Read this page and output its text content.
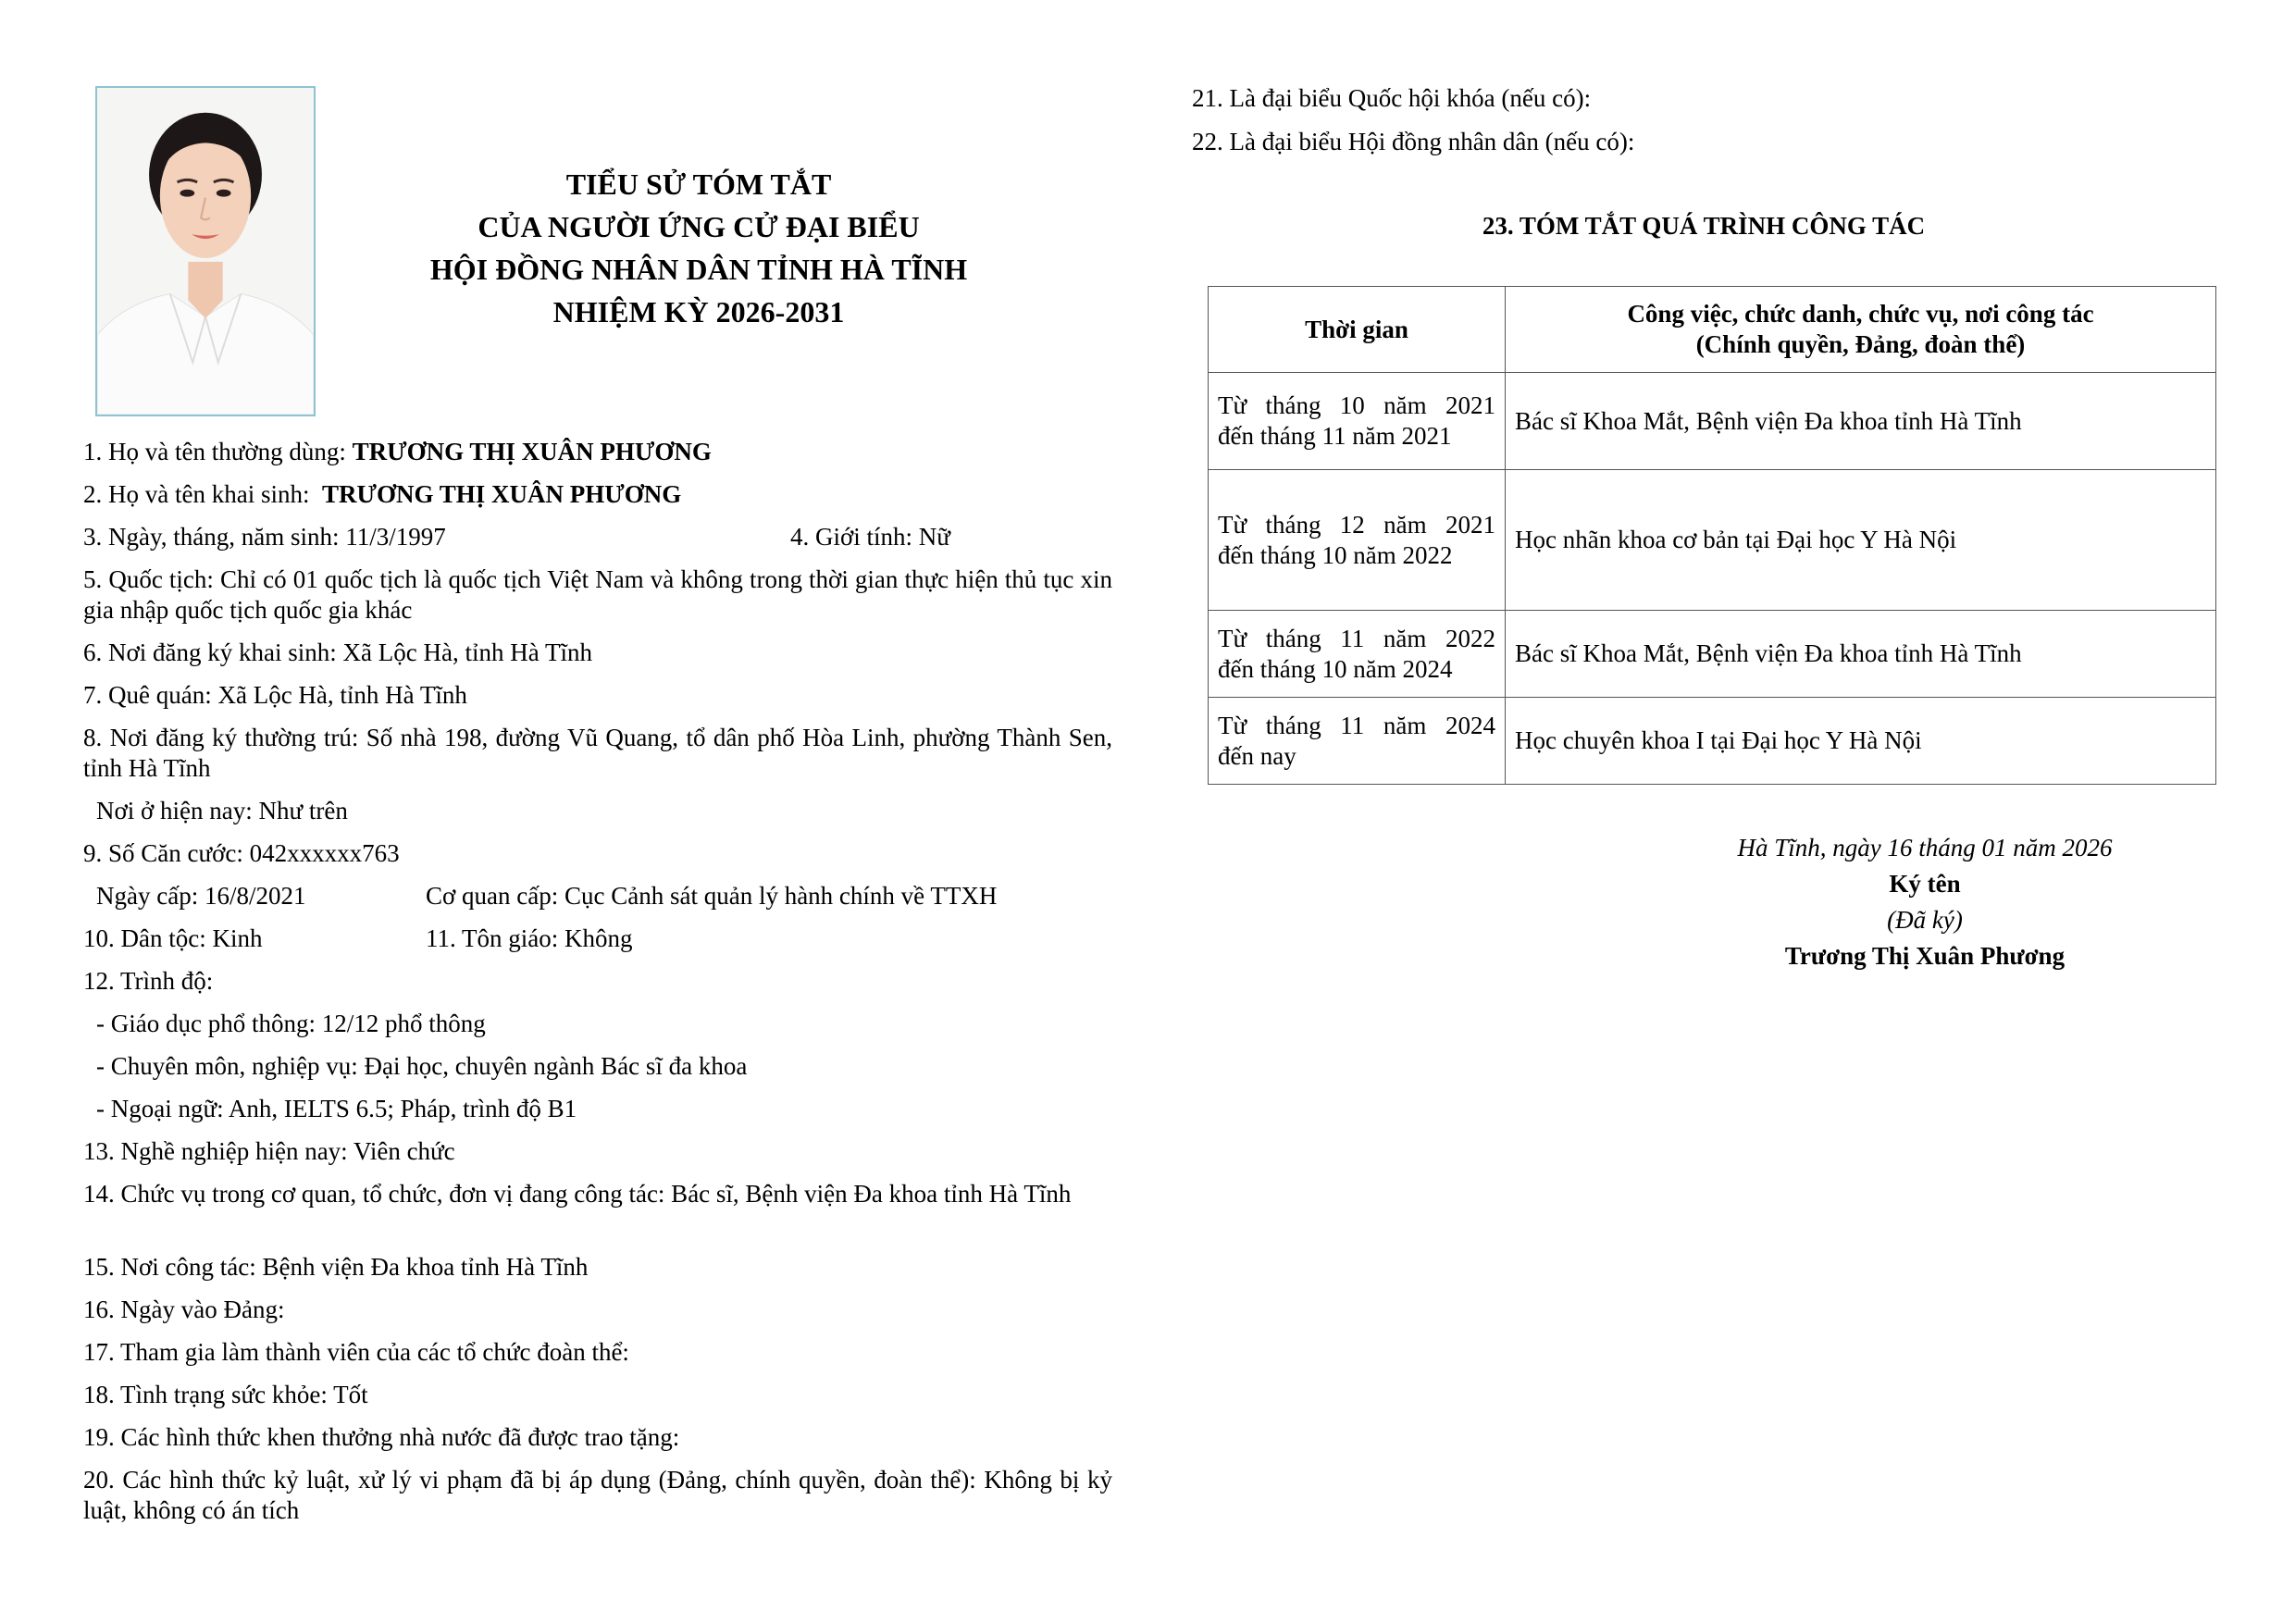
TIỂU SỬ TÓM TẮT
CỦA NGƯỜI ỨNG CỬ ĐẠI BIỂU
HỘI ĐỒNG NHÂN DÂN TỈNH HÀ TĨNH
NHIỆM KỲ 2026-2031
1. Họ và tên thường dùng: TRƯƠNG THỊ XUÂN PHƯƠNG
2. Họ và tên khai sinh:  TRƯƠNG THỊ XUÂN PHƯƠNG
3. Ngày, tháng, năm sinh: 11/3/1997	4. Giới tính: Nữ
5. Quốc tịch: Chỉ có 01 quốc tịch là quốc tịch Việt Nam và không trong thời gian thực hiện thủ tục xin gia nhập quốc tịch quốc gia khác
6. Nơi đăng ký khai sinh: Xã Lộc Hà, tỉnh Hà Tĩnh
7. Quê quán: Xã Lộc Hà, tỉnh Hà Tĩnh
8. Nơi đăng ký thường trú: Số nhà 198, đường Vũ Quang, tổ dân phố Hòa Linh, phường Thành Sen, tỉnh Hà Tĩnh
Nơi ở hiện nay: Như trên
9. Số Căn cước: 042xxxxxx763
Ngày cấp: 16/8/2021	Cơ quan cấp: Cục Cảnh sát quản lý hành chính về TTXH
10. Dân tộc: Kinh	11. Tôn giáo: Không
12. Trình độ:
- Giáo dục phổ thông: 12/12 phổ thông
- Chuyên môn, nghiệp vụ: Đại học, chuyên ngành Bác sĩ đa khoa
- Ngoại ngữ: Anh, IELTS 6.5; Pháp, trình độ B1
13. Nghề nghiệp hiện nay: Viên chức
14. Chức vụ trong cơ quan, tổ chức, đơn vị đang công tác: Bác sĩ, Bệnh viện Đa khoa tỉnh Hà Tĩnh
15. Nơi công tác: Bệnh viện Đa khoa tỉnh Hà Tĩnh
16. Ngày vào Đảng:
17. Tham gia làm thành viên của các tổ chức đoàn thể:
18. Tình trạng sức khỏe: Tốt
19. Các hình thức khen thưởng nhà nước đã được trao tặng:
20. Các hình thức kỷ luật, xử lý vi phạm đã bị áp dụng (Đảng, chính quyền, đoàn thể): Không bị kỷ luật, không có án tích
21. Là đại biểu Quốc hội khóa (nếu có):
22. Là đại biểu Hội đồng nhân dân (nếu có):
23. TÓM TẮT QUÁ TRÌNH CÔNG TÁC
Thời gian	Công việc, chức danh, chức vụ, nơi công tác
(Chính quyền, Đảng, đoàn thể)

Từ tháng 10 năm 2021
đến tháng 11 năm 2021	Bác sĩ Khoa Mắt, Bệnh viện Đa khoa tỉnh Hà Tĩnh

Từ tháng 12 năm 2021
đến tháng 10 năm 2022	Học nhãn khoa cơ bản tại Đại học Y Hà Nội

Từ tháng 11 năm 2022
đến tháng 10 năm 2024	Bác sĩ Khoa Mắt, Bệnh viện Đa khoa tỉnh Hà Tĩnh

Từ tháng 11 năm 2024
đến nay	Học chuyên khoa I tại Đại học Y Hà Nội
Hà Tĩnh, ngày 16 tháng 01 năm 2026
Ký tên
(Đã ký)
Trương Thị Xuân Phương
